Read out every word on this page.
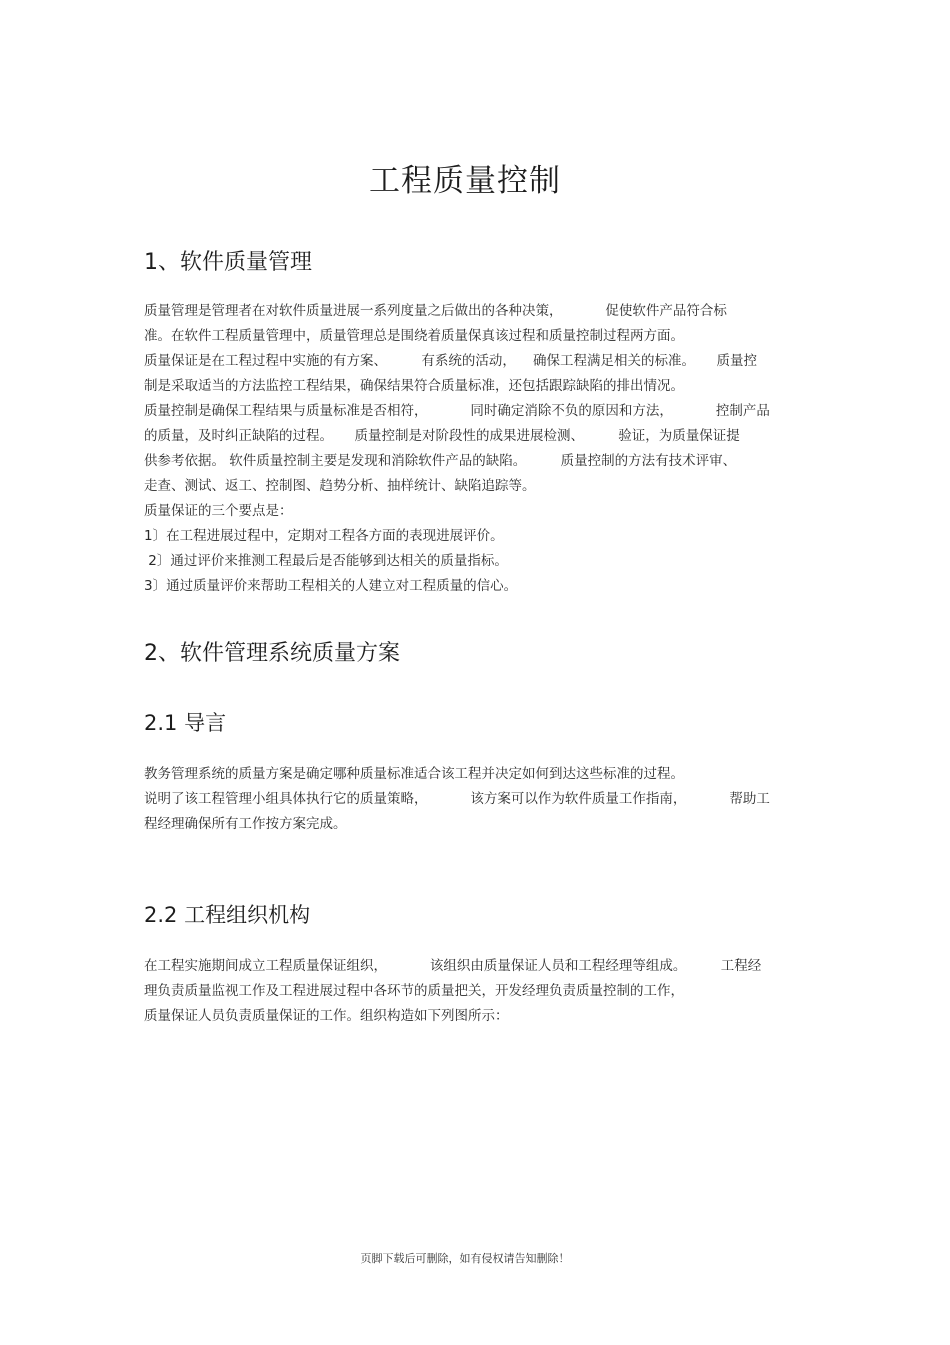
工程质量控制
1、软件质量管理
质量管理是管理者在对软件质量进展一系列度量之后做出的各种决策，          促使软件产品符合标
准。在软件工程质量管理中，质量管理总是围绕着质量保真该过程和质量控制过程两方面。
质量保证是在工程过程中实施的有方案、        有系统的活动，    确保工程满足相关的标准。     质量控
制是采取适当的方法监控工程结果，确保结果符合质量标准，还包括跟踪缺陷的排出情况。
质量控制是确保工程结果与质量标准是否相符，          同时确定消除不负的原因和方法，          控制产品
的质量，及时纠正缺陷的过程。     质量控制是对阶段性的成果进展检测、        验证，为质量保证提
供参考依据。 软件质量控制主要是发现和消除软件产品的缺陷。        质量控制的方法有技术评审、
走查、测试、返工、控制图、趋势分析、抽样统计、缺陷追踪等。
质量保证的三个要点是：
1〕在工程进展过程中，定期对工程各方面的表现进展评价。
2〕通过评价来推测工程最后是否能够到达相关的质量指标。
3〕通过质量评价来帮助工程相关的人建立对工程质量的信心。
2、软件管理系统质量方案
2.1 导言
教务管理系统的质量方案是确定哪种质量标准适合该工程并决定如何到达这些标准的过程。
说明了该工程管理小组具体执行它的质量策略，          该方案可以作为软件质量工作指南，          帮助工
程经理确保所有工作按方案完成。
2.2 工程组织机构
在工程实施期间成立工程质量保证组织，          该组织由质量保证人员和工程经理等组成。        工程经
理负责质量监视工作及工程进展过程中各环节的质量把关，开发经理负责质量控制的工作，
质量保证人员负责质量保证的工作。组织构造如下列图所示：

页脚下载后可删除，如有侵权请告知删除！
